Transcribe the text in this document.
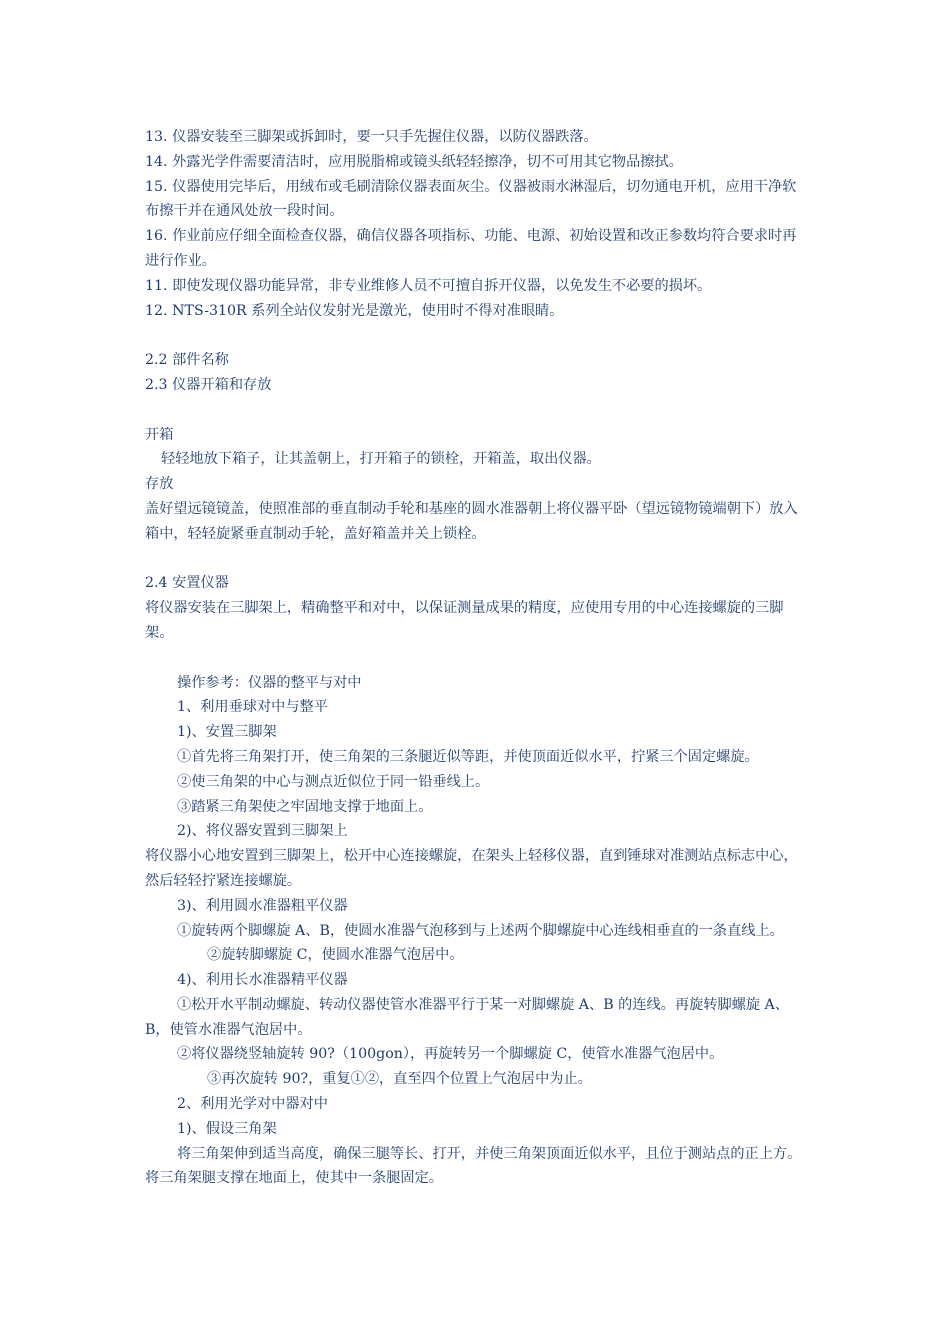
13. 仪器安装至三脚架或拆卸时，要一只手先握住仪器，以防仪器跌落。

14. 外露光学件需要清洁时，应用脱脂棉或镜头纸轻轻擦净，切不可用其它物品擦拭。

15. 仪器使用完毕后，用绒布或毛刷清除仪器表面灰尘。仪器被雨水淋湿后，切勿通电开机，应用干净软布擦干并在通风处放一段时间。

16. 作业前应仔细全面检查仪器，确信仪器各项指标、功能、电源、初始设置和改正参数均符合要求时再进行作业。

11. 即使发现仪器功能异常，非专业维修人员不可擅自拆开仪器，以免发生不必要的损坏。

12. NTS-310R 系列全站仪发射光是激光，使用时不得对准眼睛。

2.2 部件名称

2.3 仪器开箱和存放

开箱

轻轻地放下箱子，让其盖朝上，打开箱子的锁栓，开箱盖，取出仪器。

存放

盖好望远镜镜盖，使照准部的垂直制动手轮和基座的圆水准器朝上将仪器平卧（望远镜物镜端朝下）放入箱中，轻轻旋紧垂直制动手轮，盖好箱盖并关上锁栓。

2.4 安置仪器

将仪器安装在三脚架上，精确整平和对中，以保证测量成果的精度，应使用专用的中心连接螺旋的三脚架。

操作参考：仪器的整平与对中

1、利用垂球对中与整平

1)、安置三脚架

①首先将三角架打开，使三角架的三条腿近似等距，并使顶面近似水平，拧紧三个固定螺旋。

②使三角架的中心与测点近似位于同一铅垂线上。

③踏紧三角架使之牢固地支撑于地面上。

2)、将仪器安置到三脚架上

将仪器小心地安置到三脚架上，松开中心连接螺旋，在架头上轻移仪器，直到锤球对准测站点标志中心，然后轻轻拧紧连接螺旋。

3)、利用圆水准器粗平仪器

①旋转两个脚螺旋 A、B，使圆水准器气泡移到与上述两个脚螺旋中心连线相垂直的一条直线上。

②旋转脚螺旋 C，使圆水准器气泡居中。

4)、利用长水准器精平仪器

①松开水平制动螺旋、转动仪器使管水准器平行于某一对脚螺旋 A、B 的连线。再旋转脚螺旋 A、B，使管水准器气泡居中。

②将仪器绕竖轴旋转 90?（100gon），再旋转另一个脚螺旋 C，使管水准器气泡居中。

③再次旋转 90?，重复①②，直至四个位置上气泡居中为止。

2、利用光学对中器对中

1)、假设三角架

将三角架伸到适当高度，确保三腿等长、打开，并使三角架顶面近似水平，且位于测站点的正上方。将三角架腿支撑在地面上，使其中一条腿固定。
